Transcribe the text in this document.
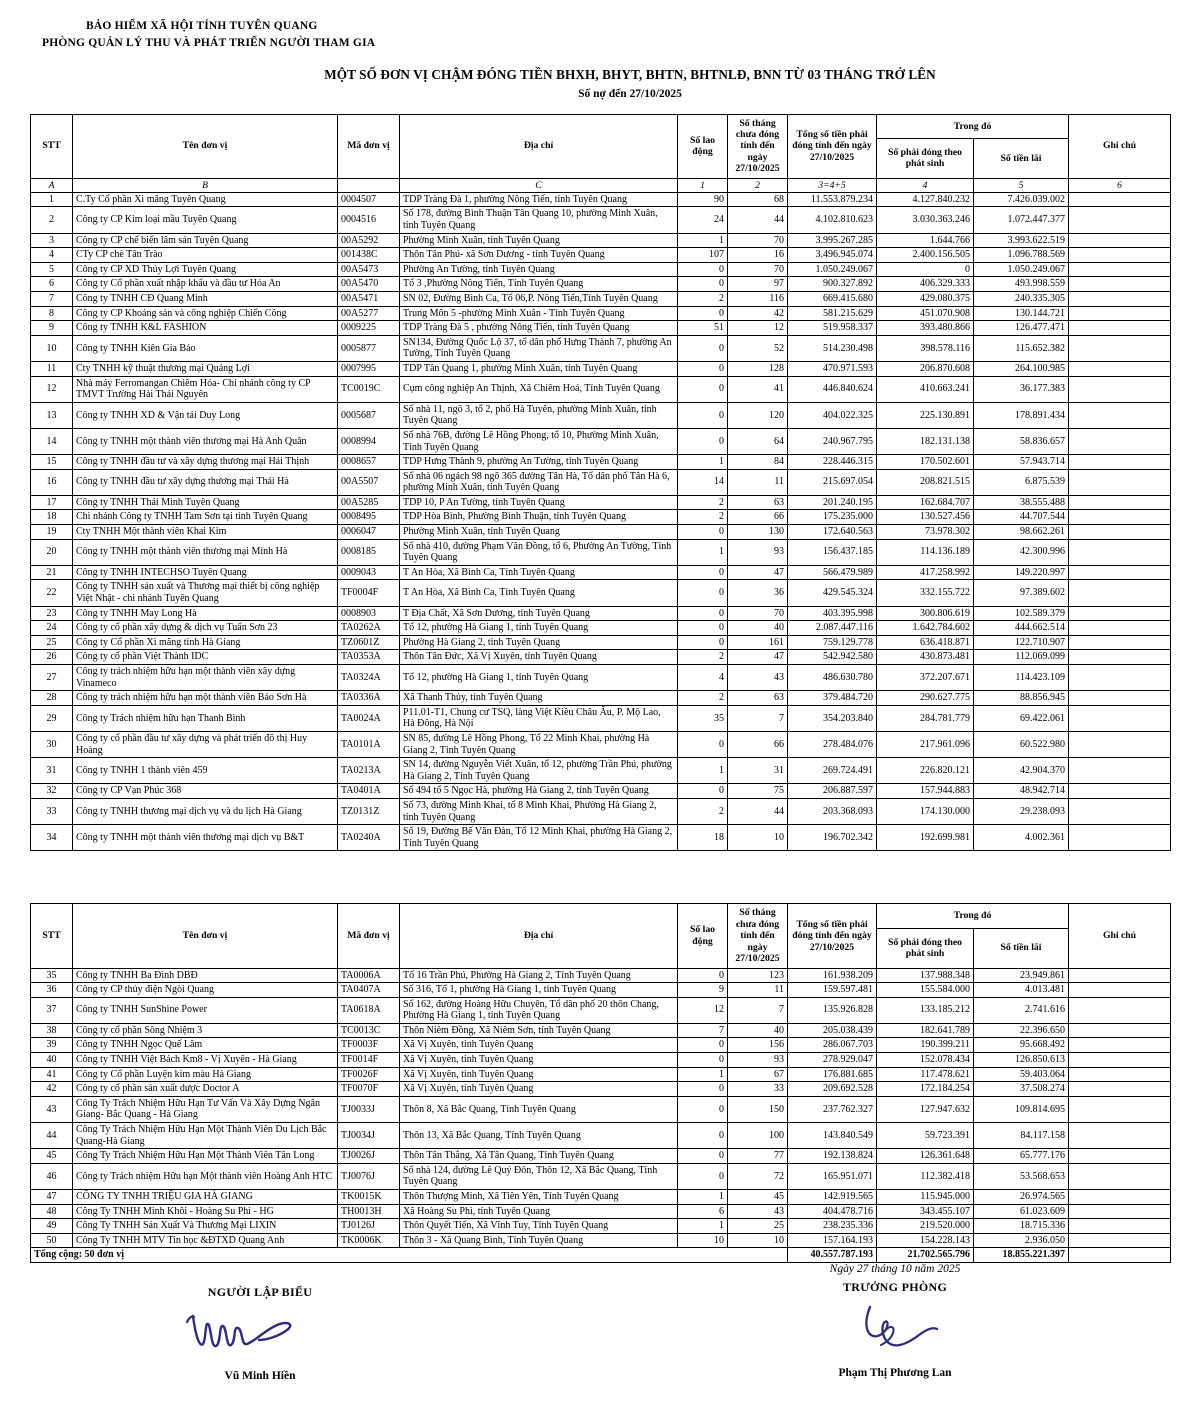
BẢO HIỂM XÃ HỘI TỈNH TUYÊN QUANG
PHÒNG QUẢN LÝ THU VÀ PHÁT TRIỂN NGƯỜI THAM GIA
MỘT SỐ ĐƠN VỊ CHẬM ĐÓNG TIỀN BHXH, BHYT, BHTN, BHTNLĐ, BNN TỪ 03 THÁNG TRỞ LÊN
Số nợ đến 27/10/2025
STT	Tên đơn vị	Mã đơn vị	Địa chỉ	Số lao động	Số tháng chưa đóng tính đến ngày 27/10/2025	Tổng số tiền phải đóng tính đến ngày 27/10/2025	Trong đó		Ghi chú
							Số phải đóng theo phát sinh	Số tiền lãi	
A	B		C	1	2	3=4+5	4	5	6
1	C.Ty Cổ phần Xi măng Tuyên Quang	0004507	TDP Tràng Đà 1, phường Nông Tiến, tỉnh Tuyên Quang	90	68	11.553.879.234	4.127.840.232	7.426.039.002	
2	Công ty CP Kim loại mầu Tuyên Quang	0004516	Số 178, đường Bình Thuận Tân Quang 10, phường Minh Xuân, tỉnh Tuyên Quang	24	44	4.102.810.623	3.030.363.246	1.072.447.377	
3	Công ty CP chế biến lâm sản Tuyên Quang	00A5292	Phường Minh Xuân, tỉnh Tuyên Quang	1	70	3.995.267.285	1.644.766	3.993.622.519	
4	CTy CP chè Tân Trào	001438C	Thôn Tân Phú- xã Sơn Dương - tỉnh Tuyên Quang	107	16	3.496.945.074	2.400.156.505	1.096.788.569	
5	Công ty CP XD Thủy Lợi Tuyên Quang	00A5473	Phường An Tường, tỉnh Tuyên Quang	0	70	1.050.249.067	0	1.050.249.067	
6	Công ty Cổ phần xuất nhập khẩu và đầu tư Hóa An	00A5470	Tổ 3 ,Phường Nông Tiến, Tỉnh Tuyên Quang	0	97	900.327.892	406.329.333	493.998.559	
7	Công ty TNHH CĐ Quang Minh	00A5471	SN 02, Đường Bình Ca, Tổ 06,P. Nông Tiến,Tỉnh Tuyên Quang	2	116	669.415.680	429.080.375	240.335.305	
8	Công ty CP Khoáng sản và công nghiệp Chiến Công	00A5277	Trung Môn 5 -phường Minh Xuân - Tỉnh Tuyên Quang	0	42	581.215.629	451.070.908	130.144.721	
9	Công ty TNHH K&L FASHION	0009225	TDP Tràng Đà 5 , phường Nông Tiến, tỉnh Tuyên Quang	51	12	519.958.337	393.480.866	126.477.471	
10	Công ty TNHH Kiên Gia Bảo	0005877	SN134, Đường Quốc Lộ 37, tổ dân phố Hưng Thành 7, phường An Tường, Tỉnh Tuyên Quang	0	52	514.230.498	398.578.116	115.652.382	
11	Cty TNHH kỹ thuật thương mại Quảng Lợi	0007995	TDP Tân Quang 1, phường Minh Xuân, tỉnh Tuyên Quang	0	128	470.971.593	206.870.608	264.100.985	
12	Nhà máy Ferromangan Chiêm Hóa- Chi nhánh công ty CP TMVT Trường Hải Thái Nguyên	TC0019C	Cụm công nghiệp An Thịnh, Xã Chiêm Hoá, Tỉnh Tuyên Quang	0	41	446.840.624	410.663.241	36.177.383	
13	Công ty TNHH XD & Vận tải Duy Long	0005687	Số nhà 11, ngõ 3, tổ 2, phố Hà Tuyên, phường Minh Xuân, tỉnh Tuyên Quang	0	120	404.022.325	225.130.891	178.891.434	
14	Công ty TNHH một thành viên thương mại Hà Anh Quân	0008994	Số nhà 76B, đường Lê Hồng Phong, tổ 10, Phường Minh Xuân, Tỉnh Tuyên Quang	0	64	240.967.795	182.131.138	58.836.657	
15	Công ty TNHH đầu tư và xây dựng thương mại Hải Thịnh	0008657	TDP Hưng Thành 9, phường An Tường, tỉnh Tuyên Quang	1	84	228.446.315	170.502.601	57.943.714	
16	Công ty TNHH đầu tư xây dựng thương mại Thái Hà	00A5507	Số nhà 06 ngách 98 ngõ 365 đường Tân Hà, Tổ dân phố Tân Hà 6, phường Minh Xuân, tỉnh Tuyên Quang	14	11	215.697.054	208.821.515	6.875.539	
17	Công ty TNHH Thái Minh Tuyên Quang	00A5285	TDP 10, P An Tường, tỉnh Tuyên Quang	2	63	201.240.195	162.684.707	38.555.488	
18	Chi nhánh Công ty TNHH Tam Sơn tại tỉnh Tuyên Quang	0008495	TDP Hòa Bình, Phường Bình Thuận, tỉnh Tuyên Quang	2	66	175.235.000	130.527.456	44.707.544	
19	Cty TNHH Một thành viên Khai Kim	0006047	Phường Minh Xuân, tỉnh Tuyên Quang	0	130	172.640.563	73.978.302	98.662.261	
20	Công ty TNHH một thành viên thương mại Minh Hà	0008185	Số nhà 410, đường Phạm Văn Đồng, tổ 6, Phường An Tường, Tỉnh Tuyên Quang	1	93	156.437.185	114.136.189	42.300.996	
21	Công ty TNHH INTECHSO Tuyên Quang	0009043	T An Hòa, Xã Bình Ca, Tỉnh Tuyên Quang	0	47	566.479.989	417.258.992	149.220.997	
22	Công ty TNHH sản xuất và Thương mại thiết bị công nghiệp Việt Nhật - chi nhánh Tuyên Quang	TF0004F	T An Hòa, Xã Bình Ca, Tỉnh Tuyên Quang	0	36	429.545.324	332.155.722	97.389.602	
23	Công ty TNHH May Long Hà	0008903	T Địa Chất, Xã Sơn Dương, tỉnh Tuyên Quang	0	70	403.395.998	300.806.619	102.589.379	
24	Công ty cổ phần xây dựng & dịch vụ Tuấn Sơn 23	TA0262A	Tổ 12, phường Hà Giang 1, tỉnh Tuyên Quang	0	40	2.087.447.116	1.642.784.602	444.662.514	
25	Công ty Cổ phần Xi măng tỉnh Hà Giang	TZ0601Z	Phường Hà Giang 2, tỉnh Tuyên Quang	0	161	759.129.778	636.418.871	122.710.907	
26	Công ty cổ phần Việt Thành IDC	TA0353A	Thôn Tân Đức, Xã Vị Xuyên, tỉnh Tuyên Quang	2	47	542.942.580	430.873.481	112.069.099	
27	Công ty trách nhiệm hữu hạn một thành viên xây dựng Vinameco	TA0324A	Tổ 12, phường Hà Giang 1, tỉnh Tuyên Quang	4	43	486.630.780	372.207.671	114.423.109	
28	Công ty trách nhiệm hữu hạn một thành viên Bảo Sơn Hà	TA0336A	Xã Thanh Thủy, tỉnh Tuyên Quang	2	63	379.484.720	290.627.775	88.856.945	
29	Công ty Trách nhiệm hữu hạn Thanh Bình	TA0024A	P11.01-T1, Chung cư TSQ, làng Việt Kiều Châu Âu, P. Mộ Lao, Hà Đông, Hà Nội	35	7	354.203.840	284.781.779	69.422.061	
30	Công ty cổ phần đầu tư xây dựng và phát triển đô thị Huy Hoàng	TA0101A	SN 85, đường Lê Hồng Phong, Tổ 22 Minh Khai, phường Hà Giang 2, Tỉnh Tuyên Quang	0	66	278.484.076	217.961.096	60.522.980	
31	Công ty TNHH 1 thành viên 459	TA0213A	SN 14, đường Nguyễn Viết Xuân, tổ 12, phường Trần Phú, phường Hà Giang 2, Tỉnh Tuyên Quang	1	31	269.724.491	226.820.121	42.904.370	
32	Công ty CP Vạn Phúc 368	TA0401A	Số 494 tổ 5 Ngọc Hà, phường Hà Giang 2, tỉnh Tuyên Quang	0	75	206.887.597	157.944.883	48.942.714	
33	Công ty TNHH thương mại dịch vụ và du lịch Hà Giang	TZ0131Z	Số 73, đường Minh Khai, tổ 8 Minh Khai, Phường Hà Giang 2, tỉnh Tuyên Quang	2	44	203.368.093	174.130.000	29.238.093	
34	Công ty TNHH một thành viên thương mại dịch vụ B&T	TA0240A	Số 19, Đường Bế Văn Đàn, Tổ 12 Minh Khai, phường Hà Giang 2, Tỉnh Tuyên Quang	18	10	196.702.342	192.699.981	4.002.361	
STT	Tên đơn vị	Mã đơn vị	Địa chỉ	Số lao động	Số tháng chưa đóng tính đến ngày 27/10/2025	Tổng số tiền phải đóng tính đến ngày 27/10/2025	Trong đó		Ghi chú
							Số phải đóng theo phát sinh	Số tiền lãi	
35	Công ty TNHH Ba Đình DBĐ	TA0006A	Tổ 16 Trần Phú, Phường Hà Giang 2, Tỉnh Tuyên Quang	0	123	161.938.209	137.988.348	23.949.861	
36	Công ty CP thủy điện Ngòi Quang	TA0407A	Số 316, Tổ 1, phường Hà Giang 1, tỉnh Tuyên Quang	9	11	159.597.481	155.584.000	4.013.481	
37	Công ty TNHH SunShine Power	TA0618A	Số 162, đường Hoàng Hữu Chuyên, Tổ dân phố 20 thôn Chang, Phường Hà Giang 1, tỉnh Tuyên Quang	12	7	135.926.828	133.185.212	2.741.616	
38	Công ty cổ phần Sông Nhiệm 3	TC0013C	Thôn Niêm Đồng, Xã Niêm Sơn, tỉnh Tuyên Quang	7	40	205.038.439	182.641.789	22.396.650	
39	Công ty TNHH Ngọc Quế Lâm	TF0003F	Xã Vị Xuyên, tỉnh Tuyên Quang	0	156	286.067.703	190.399.211	95.668.492	
40	Công ty TNHH Việt Bách Km8 - Vị Xuyên - Hà Giang	TF0014F	Xã Vị Xuyên, tỉnh Tuyên Quang	0	93	278.929.047	152.078.434	126.850.613	
41	Công ty Cổ phần Luyện kim màu Hà Giang	TF0026F	Xã Vị Xuyên, tỉnh Tuyên Quang	1	67	176.881.685	117.478.621	59.403.064	
42	Công ty cổ phần sản xuất dược Doctor A	TF0070F	Xã Vị Xuyên, tỉnh Tuyên Quang	0	33	209.692.528	172.184.254	37.508.274	
43	Công Ty Trách Nhiệm Hữu Hạn Tư Vấn Và Xây Dựng Ngân Giang- Bắc Quang - Hà Giang	TJ0033J	Thôn 8, Xã Bắc Quang, Tỉnh Tuyên Quang	0	150	237.762.327	127.947.632	109.814.695	
44	Công Ty Trách Nhiệm Hữu Hạn Một Thành Viên Du Lịch Bắc Quang-Hà Giang	TJ0034J	Thôn 13, Xã Bắc Quang, Tỉnh Tuyên Quang	0	100	143.840.549	59.723.391	84.117.158	
45	Công Ty Trách Nhiệm Hữu Hạn Một Thành Viên Tân Long	TJ0026J	Thôn Tân Thắng, Xã Tân Quang, Tỉnh Tuyên Quang	0	77	192.138.824	126.361.648	65.777.176	
46	Công ty Trách nhiệm Hữu hạn Một thành viên Hoàng Anh HTC	TJ0076J	Số nhà 124, đường Lê Quý Đôn, Thôn 12, Xã Bắc Quang, Tỉnh Tuyên Quang	0	72	165.951.071	112.382.418	53.568.653	
47	CÔNG TY TNHH TRIỆU GIA HÀ GIANG	TK0015K	Thôn Thượng Minh, Xã Tiên Yên, Tỉnh Tuyên Quang	1	45	142.919.565	115.945.000	26.974.565	
48	Công Ty TNHH Minh Khôi - Hoàng Su Phì - HG	TH0013H	Xã Hoàng Su Phì, tỉnh Tuyên Quang	6	43	404.478.716	343.455.107	61.023.609	
49	Công Ty TNHH Sản Xuất Và Thương Mại LIXIN	TJ0126J	Thôn Quyết Tiến, Xã Vĩnh Tuy, Tỉnh Tuyên Quang	1	25	238.235.336	219.520.000	18.715.336	
50	Công Ty TNHH MTV Tin học &ĐTXD Quang Anh	TK0006K	Thôn 3 - Xã Quang Bình, Tỉnh Tuyên Quang	10	10	157.164.193	154.228.143	2.936.050	
Tổng cộng: 50 đơn vị						40.557.787.193	21.702.565.796	18.855.221.397	
NGƯỜI LẬP BIỂU
Vũ Minh Hiền
Ngày 27 tháng 10 năm 2025
TRƯỞNG PHÒNG
Phạm Thị Phương Lan
